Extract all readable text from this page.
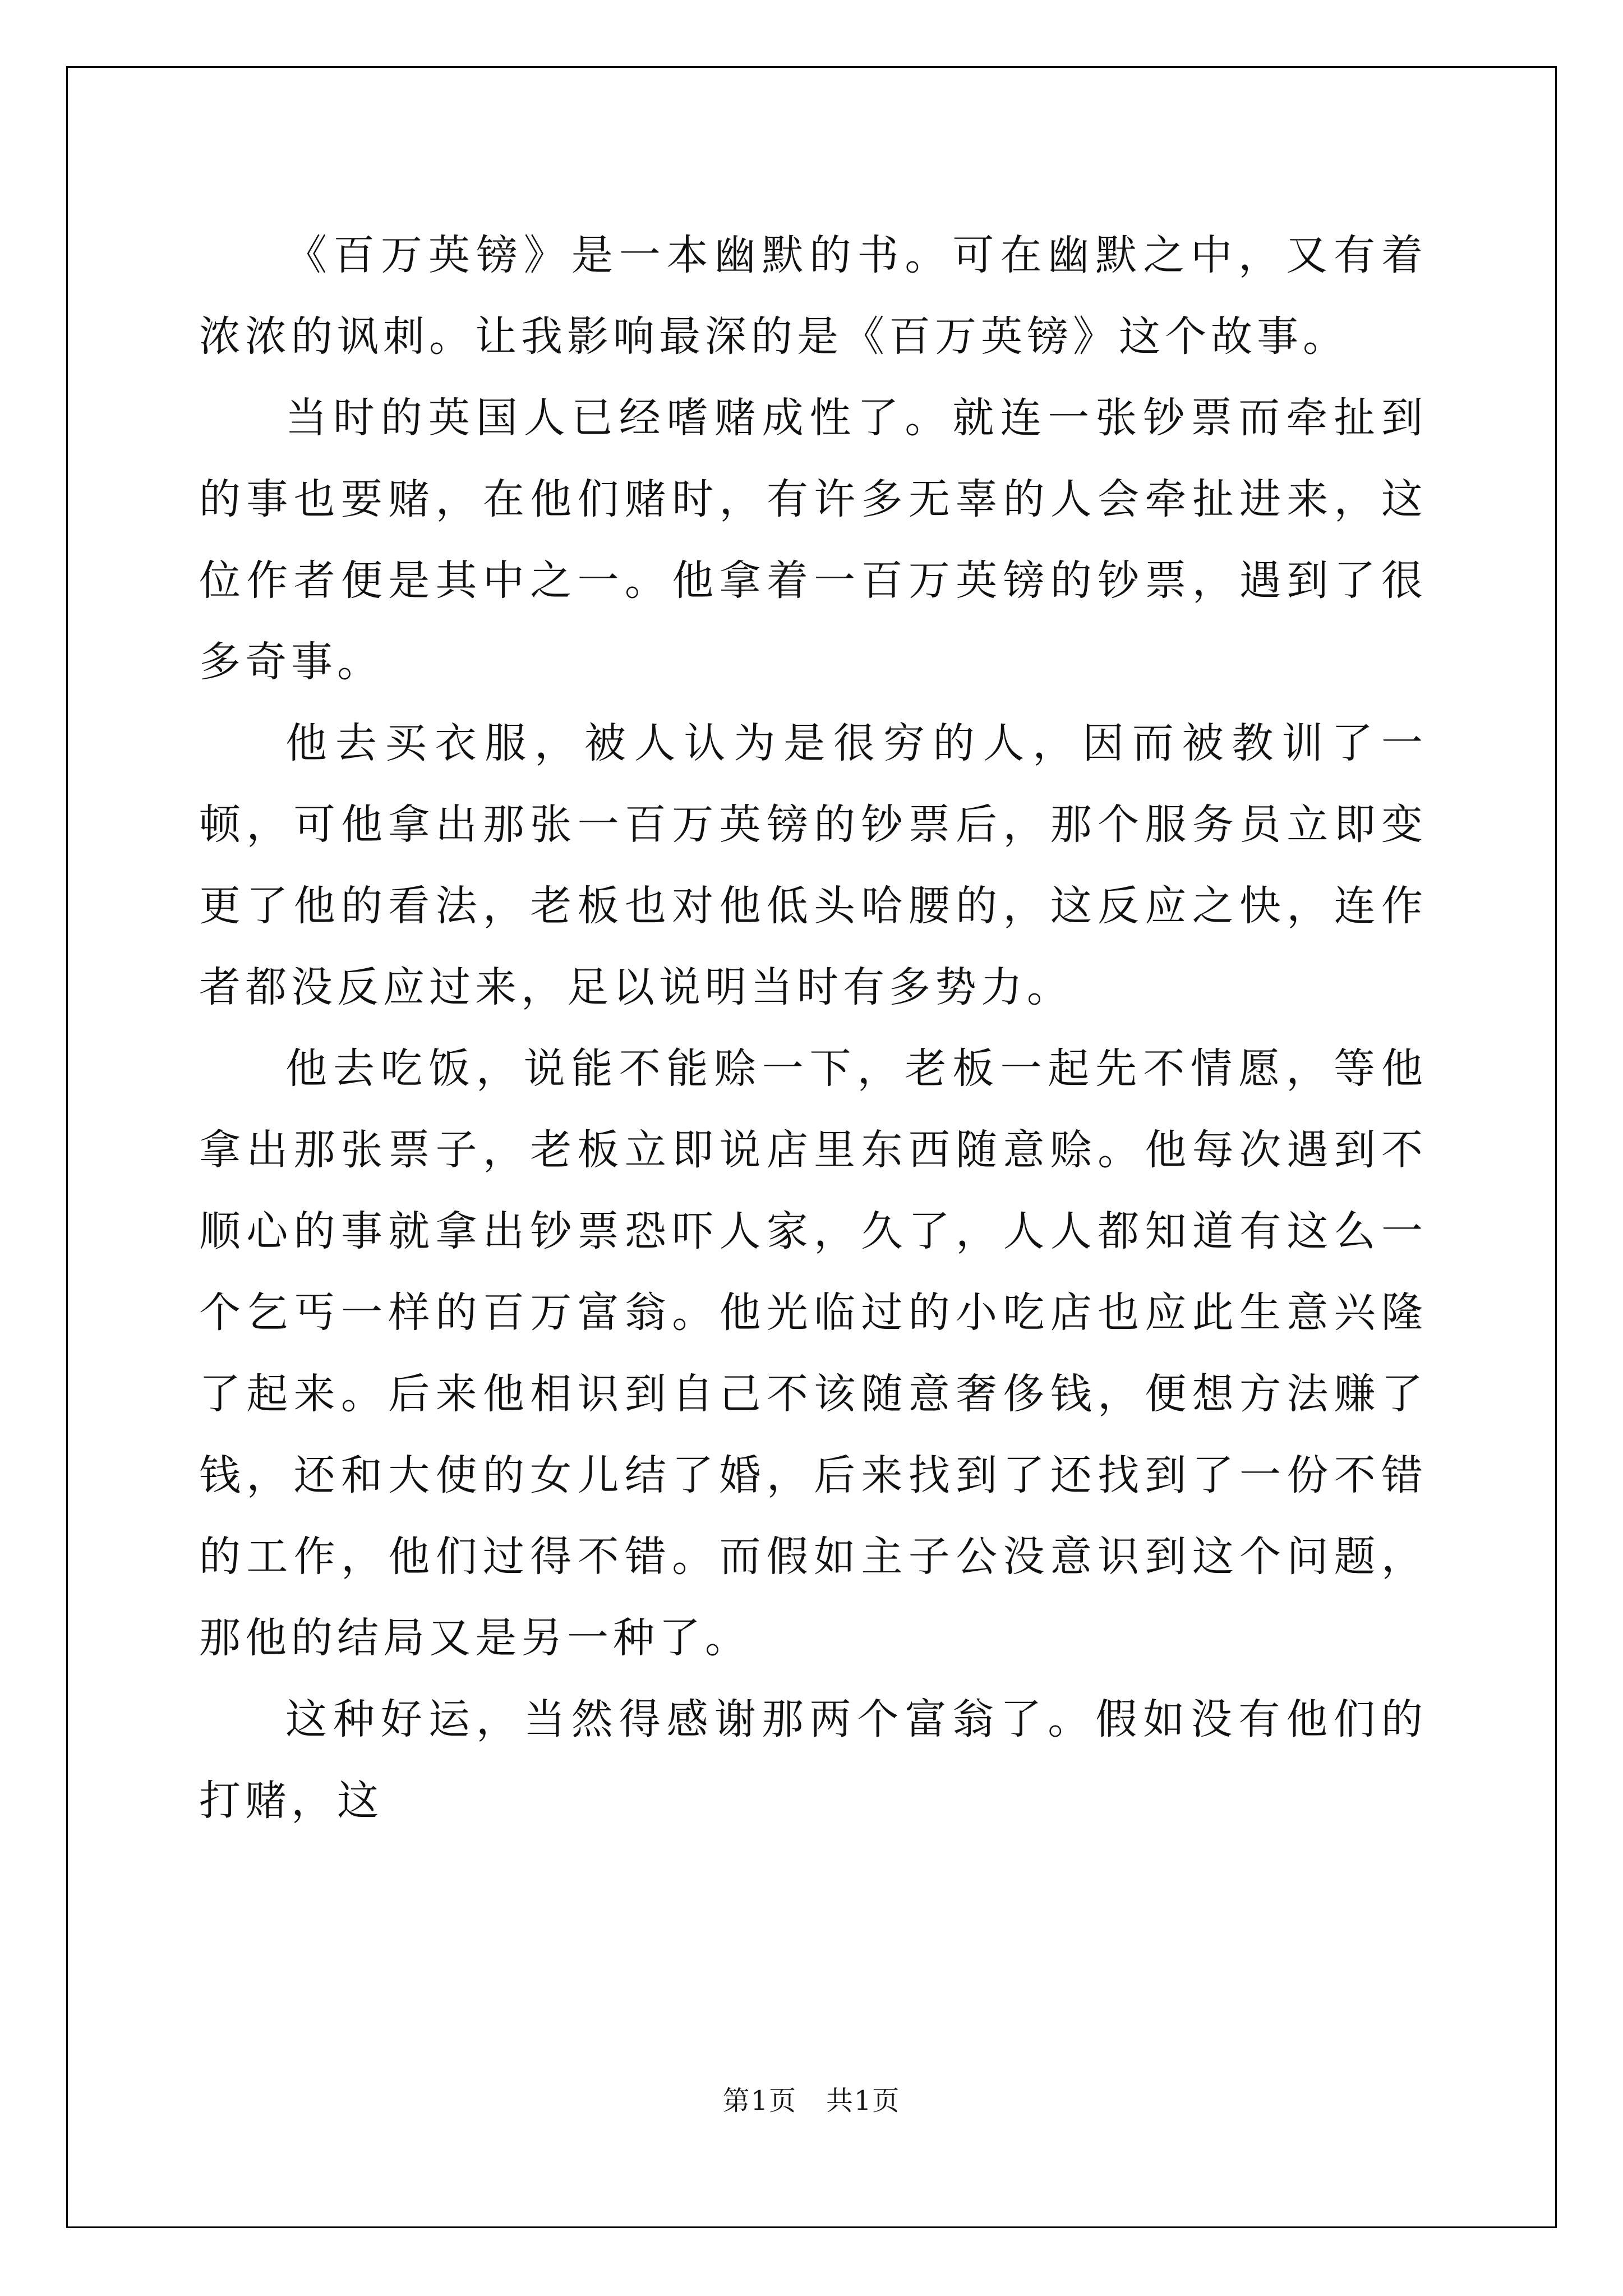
《百万英镑》是一本幽默的书。可在幽默之中，又有着浓浓的讽刺。让我影响最深的是《百万英镑》这个故事。

当时的英国人已经嗜赌成性了。就连一张钞票而牵扯到的事也要赌，在他们赌时，有许多无辜的人会牵扯进来，这位作者便是其中之一。他拿着一百万英镑的钞票，遇到了很多奇事。

他去买衣服，被人认为是很穷的人，因而被教训了一顿，可他拿出那张一百万英镑的钞票后，那个服务员立即变更了他的看法，老板也对他低头哈腰的，这反应之快，连作者都没反应过来，足以说明当时有多势力。

他去吃饭，说能不能赊一下，老板一起先不情愿，等他拿出那张票子，老板立即说店里东西随意赊。他每次遇到不顺心的事就拿出钞票恐吓人家，久了，人人都知道有这么一个乞丐一样的百万富翁。他光临过的小吃店也应此生意兴隆了起来。后来他相识到自己不该随意奢侈钱，便想方法赚了钱，还和大使的女儿结了婚，后来找到了还找到了一份不错的工作，他们过得不错。而假如主子公没意识到这个问题，那他的结局又是另一种了。

这种好运，当然得感谢那两个富翁了。假如没有他们的打赌，这

第1页 共1页
